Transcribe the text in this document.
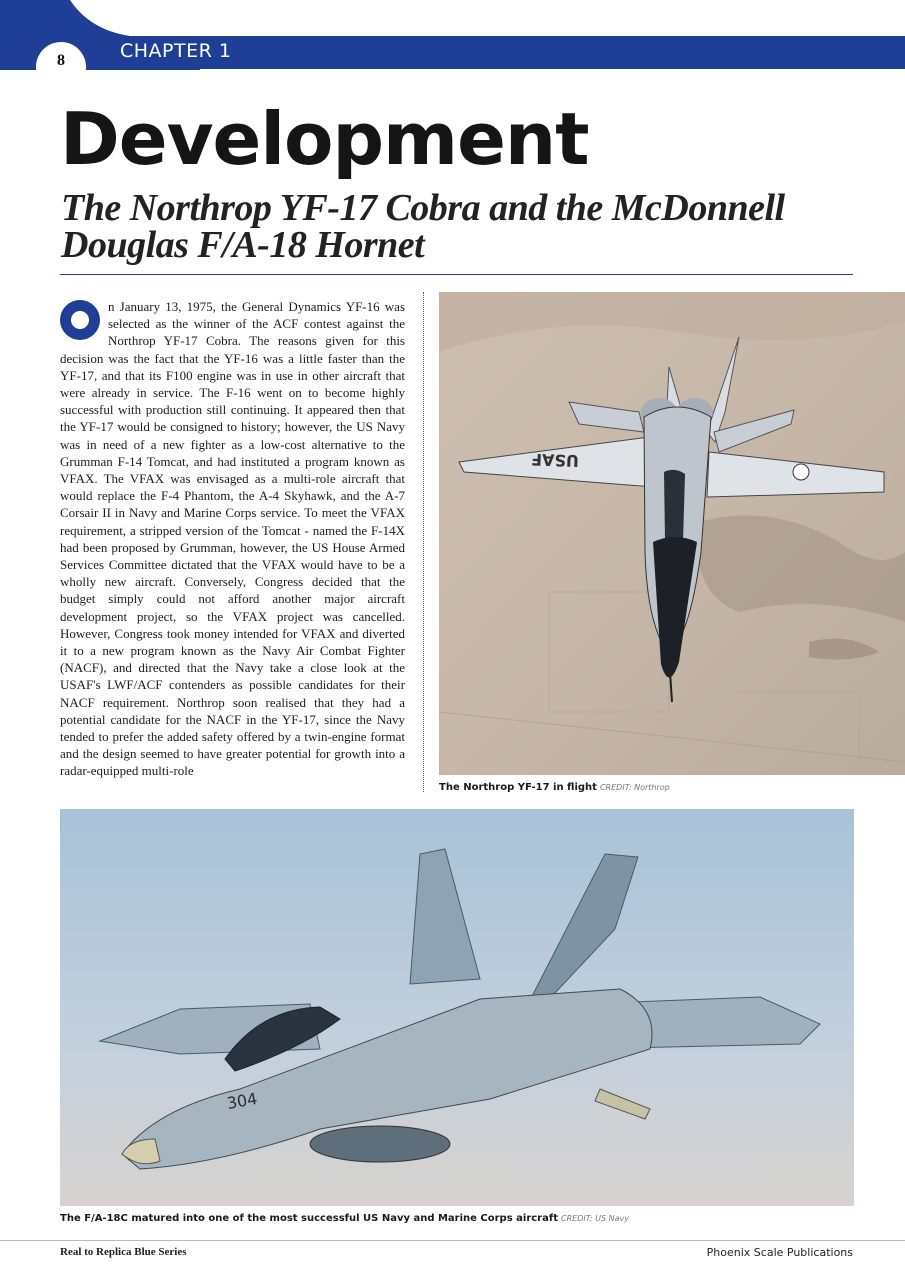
8	CHAPTER 1
Development
The Northrop YF-17 Cobra and the McDonnell Douglas F/A-18 Hornet
n January 13, 1975, the General Dynamics YF-16 was selected as the winner of the ACF contest against the Northrop YF-17 Cobra. The reasons given for this decision was the fact that the YF-16 was a little faster than the YF-17, and that its F100 engine was in use in other aircraft that were already in service. The F-16 went on to become highly successful with production still continuing. It appeared then that the YF-17 would be consigned to history; however, the US Navy was in need of a new fighter as a low-cost alternative to the Grumman F-14 Tomcat, and had instituted a program known as VFAX. The VFAX was envisaged as a multi-role aircraft that would replace the F-4 Phantom, the A-4 Skyhawk, and the A-7 Corsair II in Navy and Marine Corps service. To meet the VFAX requirement, a stripped version of the Tomcat - named the F-14X had been proposed by Grumman, however, the US House Armed Services Committee dictated that the VFAX would have to be a wholly new aircraft. Conversely, Congress decided that the budget simply could not afford another major aircraft development project, so the VFAX project was cancelled. However, Congress took money intended for VFAX and diverted it to a new program known as the Navy Air Combat Fighter (NACF), and directed that the Navy take a close look at the USAF's LWF/ACF contenders as possible candidates for their NACF requirement. Northrop soon realised that they had a potential candidate for the NACF in the YF-17, since the Navy tended to prefer the added safety offered by a twin-engine format and the design seemed to have greater potential for growth into a radar-equipped multi-role
USAF
The Northrop YF-17 in flight CREDIT: Northrop
304
The F/A-18C matured into one of the most successful US Navy and Marine Corps aircraft CREDIT: US Navy
Real to Replica Blue Series	Phoenix Scale Publications
